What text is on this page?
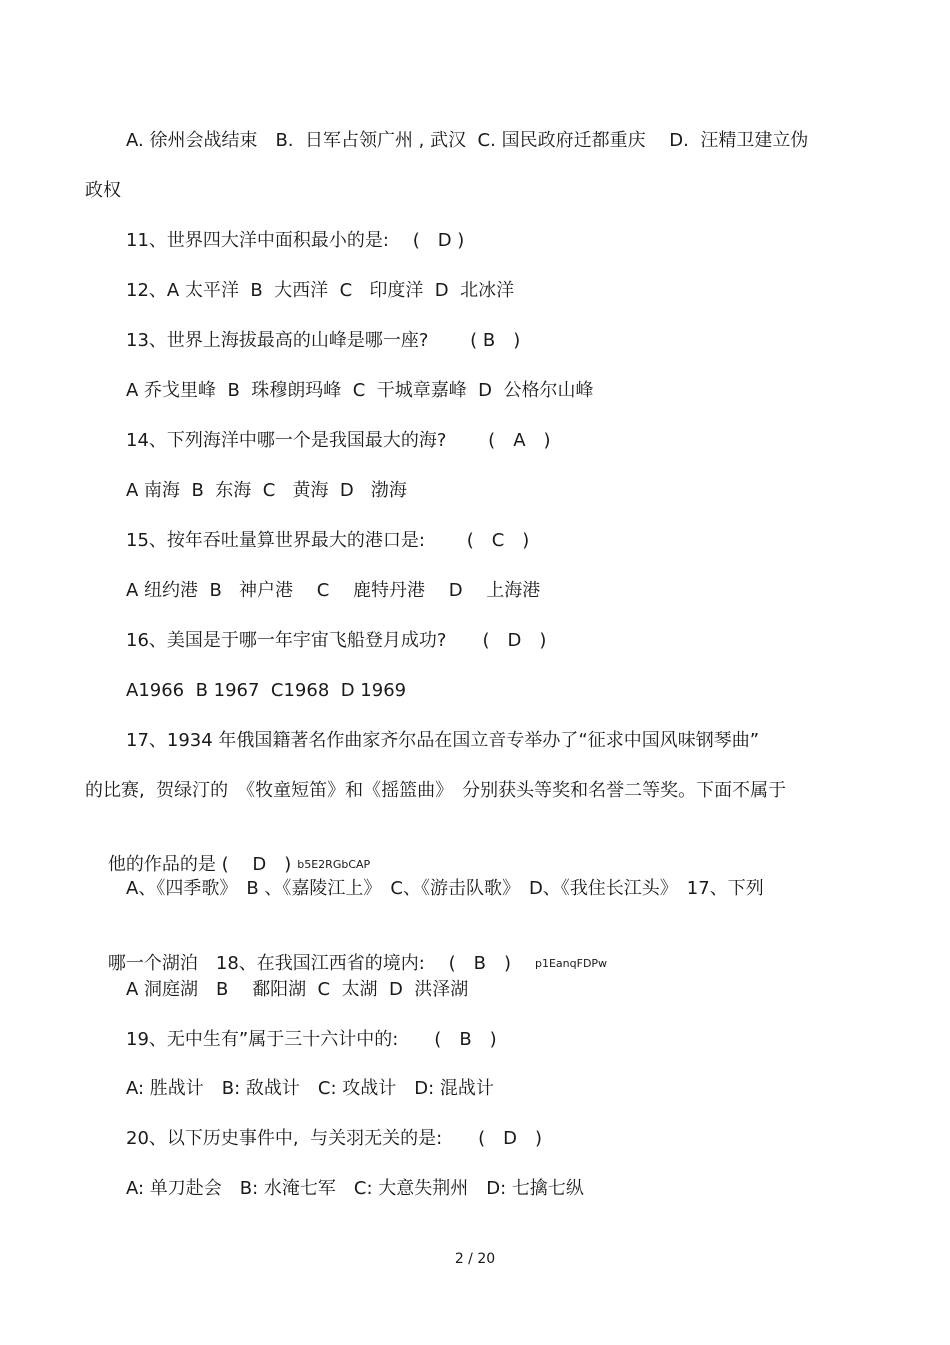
A. 徐州会战结束　B.  日军占领广州 , 武汉  C. 国民政府迁都重庆　 D.  汪精卫建立伪
政权
11、世界四大洋中面积最小的是:　 (　D )
12、A 太平洋  B  大西洋  C   印度洋  D  北冰洋
13、世界上海拔最高的山峰是哪一座?　　 ( B　)
A 乔戈里峰  B  珠穆朗玛峰  C  干城章嘉峰  D  公格尔山峰
14、下列海洋中哪一个是我国最大的海?　　 (　A　)
A 南海  B  东海  C   黄海  D   渤海
15、按年吞吐量算世界最大的港口是:　　 (　C　)
A 纽约港  B   神户港　 C　 鹿特丹港　 D　 上海港
16、美国是于哪一年宇宙飞船登月成功?　　(　D　)
A1966  B 1967  C1968  D 1969
17、1934 年俄国籍著名作曲家齐尔品在国立音专举办了“征求中国风味钢琴曲”
的比赛,  贺绿汀的　《牧童短笛》和《摇篮曲》　分别获头等奖和名誉二等奖。下面不属于

他的作品的是 (　 D　) b5E2RGbCAP

A、《四季歌》　B 、《嘉陵江上》　C、《游击队歌》　D、《我住长江头》　17、下列

哪一个湖泊　18、在我国江西省的境内:　 (　B　) p1EanqFDPw

A 洞庭湖　B　 鄱阳湖  C  太湖  D  洪泽湖
19、无中生有”属于三十六计中的:　　(　B　)
A: 胜战计　B: 敌战计　C: 攻战计　D: 混战计
20、以下历史事件中,  与关羽无关的是:　　(　D　)
A: 单刀赴会　B: 水淹七军　C: 大意失荆州　D: 七擒七纵
2 / 20
